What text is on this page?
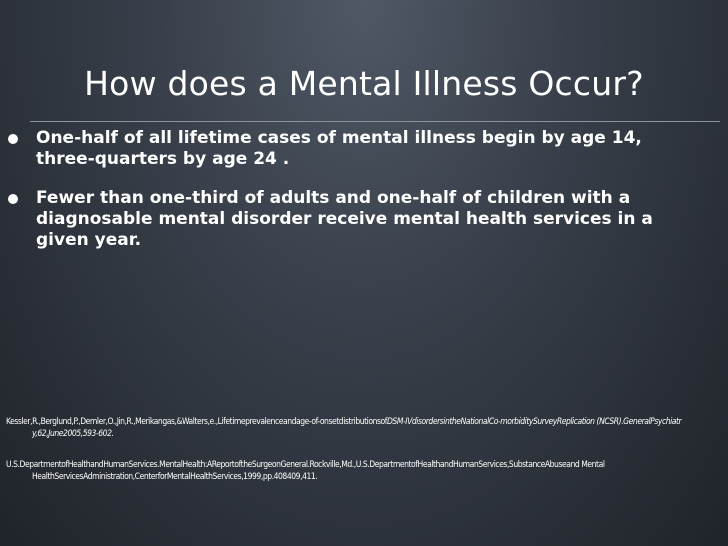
How does a Mental Illness Occur?
One-half of all lifetime cases of mental illness begin by age 14, three-quarters by age 24 .
Fewer than one-third of adults and one-half of children with a diagnosable mental disorder receive mental health services in a given year.

Kessler,R.,Berglund,P.,Demler,O.,Jin,R.,Merikangas,&Walters,e.,Lifetimeprevalenceandage-of-onsetdistributionsofDSM-IVdisordersintheNationalCo-morbiditySurveyReplication (NCSR).GeneralPsychiatr y,62,June2005,593-602.

U.S.DepartmentofHealthandHumanServices.MentalHealth:AReportoftheSurgeonGeneral.Rockville,Md.,U.S.DepartmentofHealthandHumanServices,SubstanceAbuseand Mental HealthServicesAdministration,CenterforMentalHealthServices,1999,pp.408409,411.
